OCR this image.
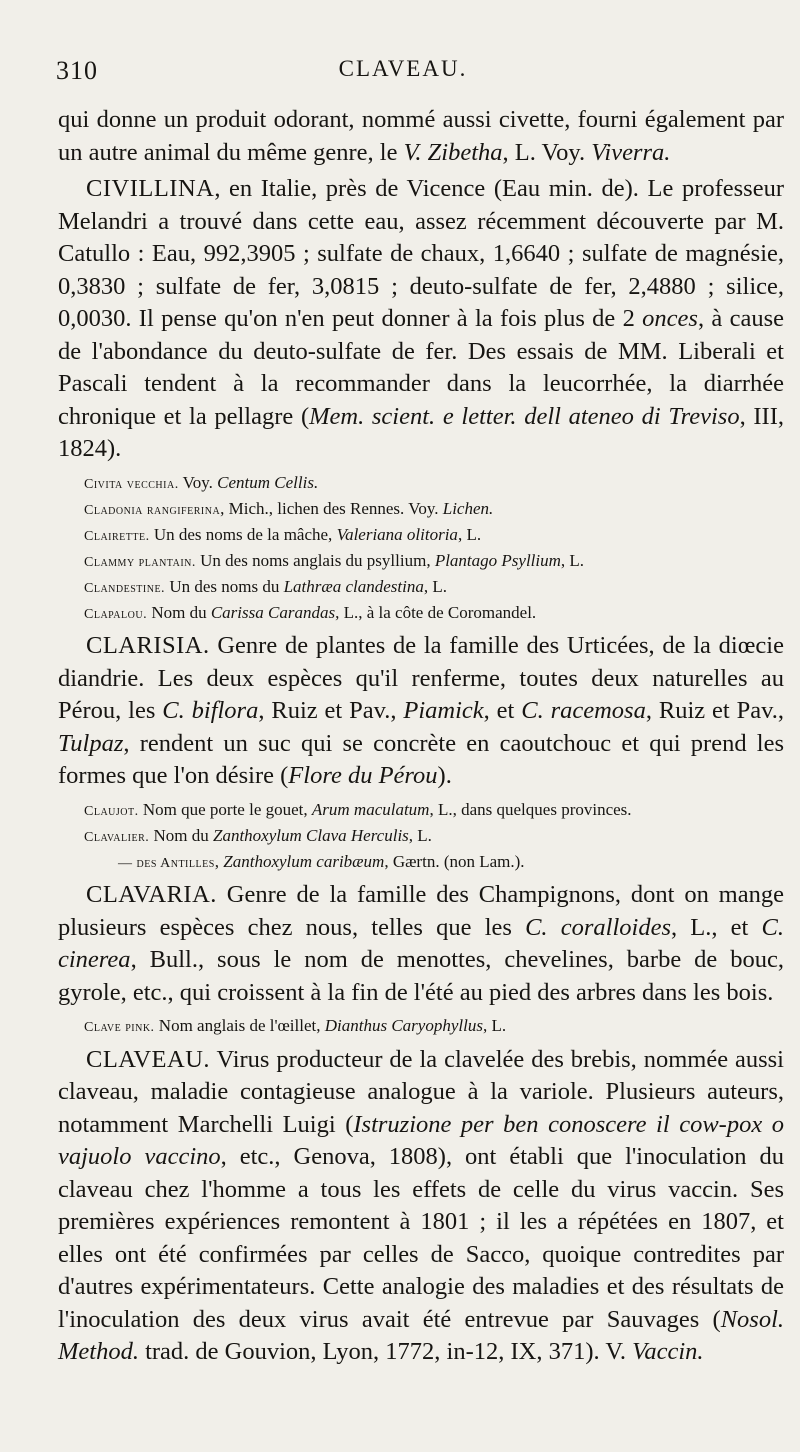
310	CLAVEAU.

qui donne un produit odorant, nommé aussi civette, fourni également par un autre animal du même genre, le V. Zibetha, L. Voy. Viverra.

CIVILLINA, en Italie, près de Vicence (Eau min. de). Le professeur Melandri a trouvé dans cette eau, assez récemment découverte par M. Catullo : Eau, 992,3905 ; sulfate de chaux, 1,6640 ; sulfate de magnésie, 0,3830 ; sulfate de fer, 3,0815 ; deuto-sulfate de fer, 2,4880 ; silice, 0,0030. Il pense qu'on n'en peut donner à la fois plus de 2 onces, à cause de l'abondance du deuto-sulfate de fer. Des essais de MM. Liberali et Pascali tendent à la recommander dans la leucorrhée, la diarrhée chronique et la pellagre (Mem. scient. e letter. dell ateneo di Treviso, III, 1824).

Civita vecchia. Voy. Centum Cellis.
Cladonia rangiferina, Mich., lichen des Rennes. Voy. Lichen.
Clairette. Un des noms de la mâche, Valeriana olitoria, L.
Clammy plantain. Un des noms anglais du psyllium, Plantago Psyllium, L.
Clandestine. Un des noms du Lathræa clandestina, L.
Clapalou. Nom du Carissa Carandas, L., à la côte de Coromandel.

CLARISIA. Genre de plantes de la famille des Urticées, de la diœcie diandrie. Les deux espèces qu'il renferme, toutes deux naturelles au Pérou, les C. biflora, Ruiz et Pav., Piamick, et C. racemosa, Ruiz et Pav., Tulpaz, rendent un suc qui se concrète en caoutchouc et qui prend les formes que l'on désire (Flore du Pérou).

Claujot. Nom que porte le gouet, Arum maculatum, L., dans quelques provinces.
Clavalier. Nom du Zanthoxylum Clava Herculis, L.
— des Antilles, Zanthoxylum caribæum, Gærtn. (non Lam.).

CLAVARIA. Genre de la famille des Champignons, dont on mange plusieurs espèces chez nous, telles que les C. coralloides, L., et C. cinerea, Bull., sous le nom de menottes, chevelines, barbe de bouc, gyrole, etc., qui croissent à la fin de l'été au pied des arbres dans les bois.

Clave pink. Nom anglais de l'œillet, Dianthus Caryophyllus, L.

CLAVEAU. Virus producteur de la clavelée des brebis, nommée aussi claveau, maladie contagieuse analogue à la variole. Plusieurs auteurs, notamment Marchelli Luigi (Istruzione per ben conoscere il cow-pox o vajuolo vaccino, etc., Genova, 1808), ont établi que l'inoculation du claveau chez l'homme a tous les effets de celle du virus vaccin. Ses premières expériences remontent à 1801 ; il les a répétées en 1807, et elles ont été confirmées par celles de Sacco, quoique contredites par d'autres expérimentateurs. Cette analogie des maladies et des résultats de l'inoculation des deux virus avait été entrevue par Sauvages (Nosol. Method. trad. de Gouvion, Lyon, 1772, in-12, IX, 371). V. Vaccin.
